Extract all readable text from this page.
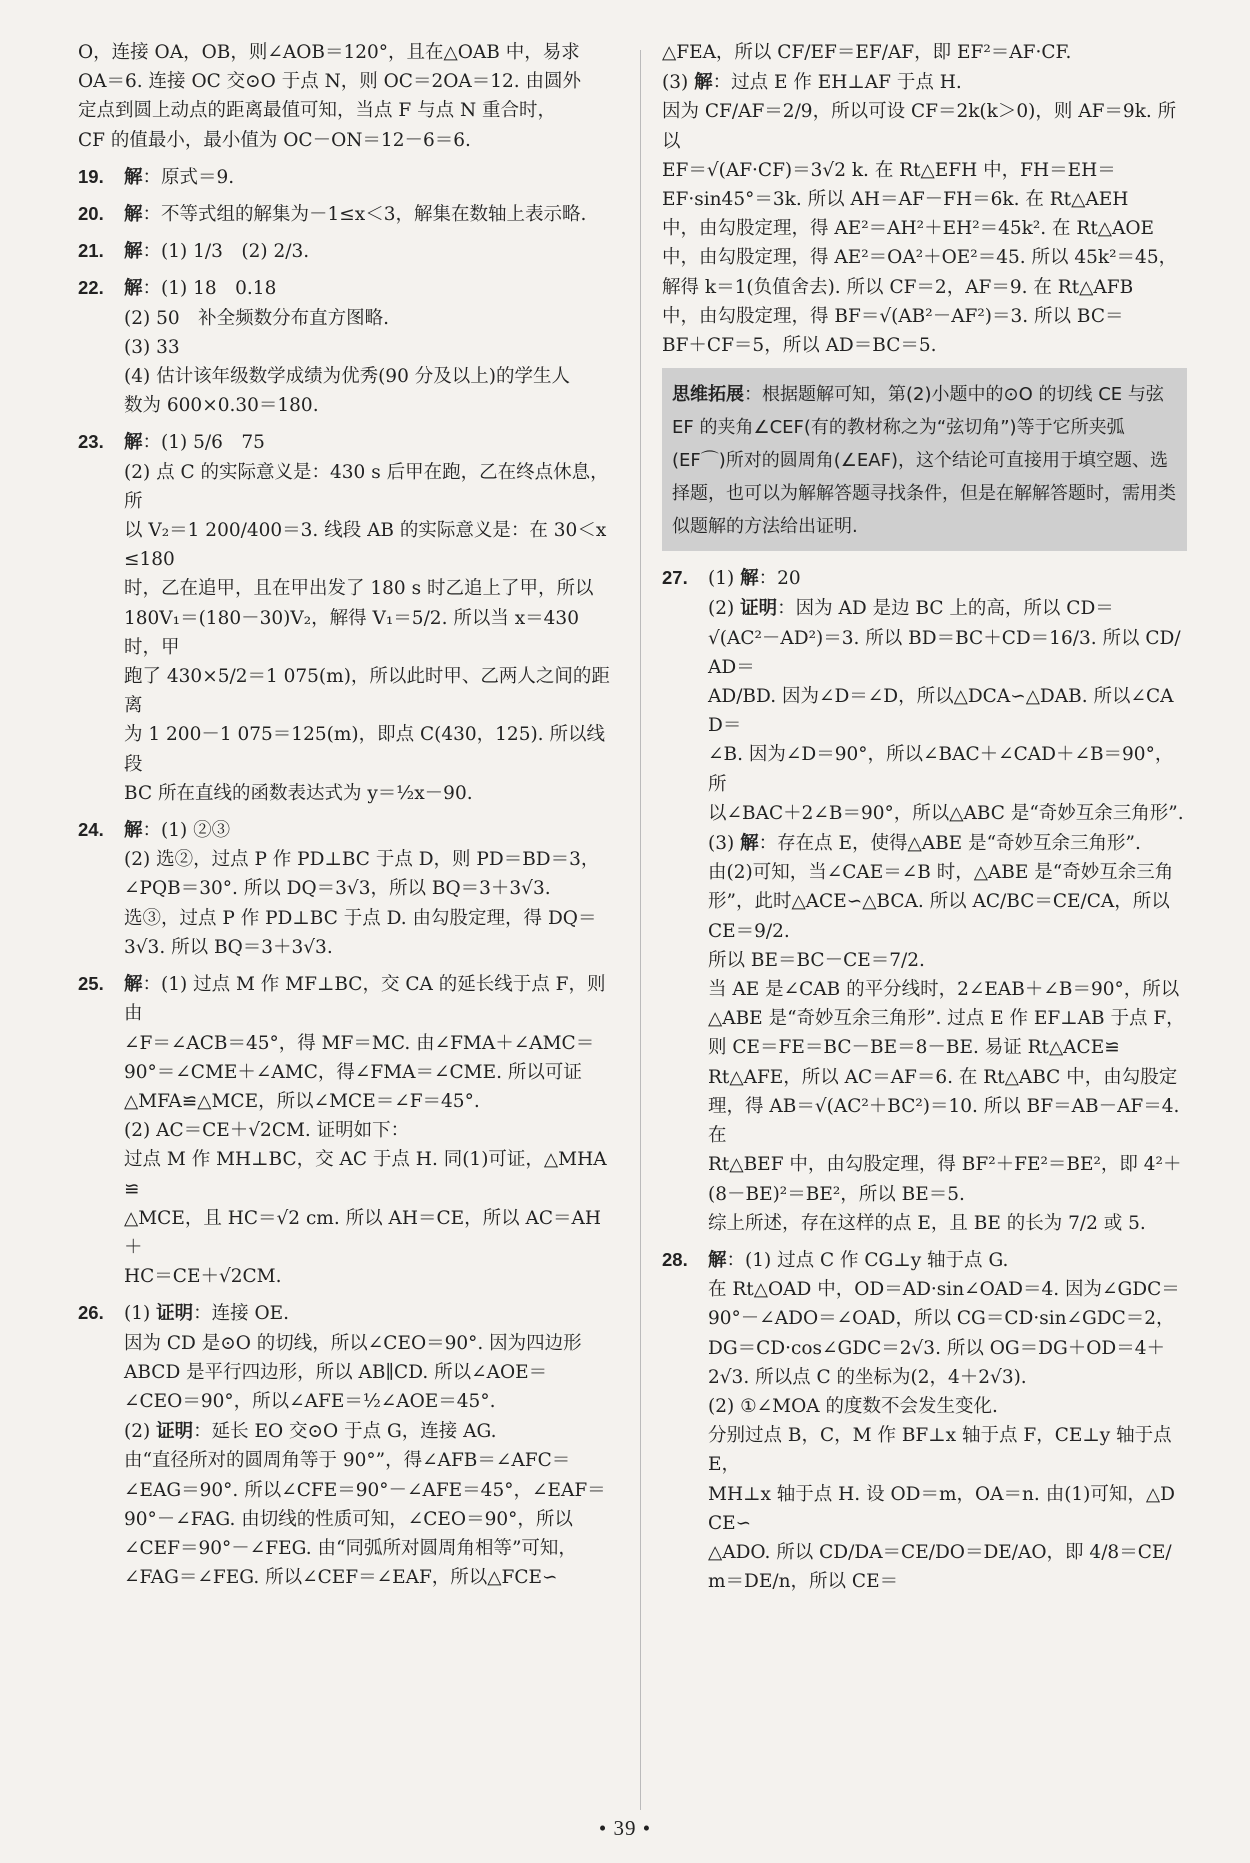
O，连接 OA，OB，则∠AOB＝120°，且在△OAB 中，易求

OA＝6. 连接 OC 交⊙O 于点 N，则 OC＝2OA＝12. 由圆外

定点到圆上动点的距离最值可知，当点 F 与点 N 重合时，

CF 的值最小，最小值为 OC－ON＝12－6＝6.

19. 解：原式＝9.

20. 解：不等式组的解集为－1≤x＜3，解集在数轴上表示略.

21. 解：(1) 1/3　(2) 2/3.

22. 解：(1) 18　0.18

(2) 50　补全频数分布直方图略.

(3) 33

(4) 估计该年级数学成绩为优秀(90 分及以上)的学生人

数为 600×0.30＝180.

23. 解：(1) 5/6　75

(2) 点 C 的实际意义是：430 s 后甲在跑，乙在终点休息，所

以 V₂＝1 200/400＝3. 线段 AB 的实际意义是：在 30＜x≤180

时，乙在追甲，且在甲出发了 180 s 时乙追上了甲，所以

180V₁＝(180－30)V₂，解得 V₁＝5/2. 所以当 x＝430 时，甲

跑了 430×5/2＝1 075(m)，所以此时甲、乙两人之间的距离

为 1 200－1 075＝125(m)，即点 C(430，125). 所以线段

BC 所在直线的函数表达式为 y＝½x－90.

24. 解：(1) ②③

(2) 选②，过点 P 作 PD⊥BC 于点 D，则 PD＝BD＝3，

∠PQB＝30°. 所以 DQ＝3√3，所以 BQ＝3＋3√3.

选③，过点 P 作 PD⊥BC 于点 D. 由勾股定理，得 DQ＝

3√3. 所以 BQ＝3＋3√3.

25. 解：(1) 过点 M 作 MF⊥BC，交 CA 的延长线于点 F，则由

∠F＝∠ACB＝45°，得 MF＝MC. 由∠FMA＋∠AMC＝

90°＝∠CME＋∠AMC，得∠FMA＝∠CME. 所以可证

△MFA≌△MCE，所以∠MCE＝∠F＝45°.

(2) AC＝CE＋√2CM. 证明如下：

过点 M 作 MH⊥BC，交 AC 于点 H. 同(1)可证，△MHA≌

△MCE，且 HC＝√2 cm. 所以 AH＝CE，所以 AC＝AH＋

HC＝CE＋√2CM.

26. (1) 证明：连接 OE.

因为 CD 是⊙O 的切线，所以∠CEO＝90°. 因为四边形

ABCD 是平行四边形，所以 AB∥CD. 所以∠AOE＝

∠CEO＝90°，所以∠AFE＝½∠AOE＝45°.

(2) 证明：延长 EO 交⊙O 于点 G，连接 AG.

由“直径所对的圆周角等于 90°”，得∠AFB＝∠AFC＝

∠EAG＝90°. 所以∠CFE＝90°－∠AFE＝45°，∠EAF＝

90°－∠FAG. 由切线的性质可知，∠CEO＝90°，所以

∠CEF＝90°－∠FEG. 由“同弧所对圆周角相等”可知，

∠FAG＝∠FEG. 所以∠CEF＝∠EAF，所以△FCE∽

△FEA，所以 CF/EF＝EF/AF，即 EF²＝AF·CF.

(3) 解：过点 E 作 EH⊥AF 于点 H.

因为 CF/AF＝2/9，所以可设 CF＝2k(k＞0)，则 AF＝9k. 所以

EF＝√(AF·CF)＝3√2 k. 在 Rt△EFH 中，FH＝EH＝

EF·sin45°＝3k. 所以 AH＝AF－FH＝6k. 在 Rt△AEH

中，由勾股定理，得 AE²＝AH²＋EH²＝45k². 在 Rt△AOE

中，由勾股定理，得 AE²＝OA²＋OE²＝45. 所以 45k²＝45，

解得 k＝1(负值舍去). 所以 CF＝2，AF＝9. 在 Rt△AFB

中，由勾股定理，得 BF＝√(AB²－AF²)＝3. 所以 BC＝

BF＋CF＝5，所以 AD＝BC＝5.

思维拓展：根据题解可知，第(2)小题中的⊙O 的切线 CE 与弦 EF 的夹角∠CEF(有的教材称之为“弦切角”)等于它所夹弧(EF⌒)所对的圆周角(∠EAF)，这个结论可直接用于填空题、选择题，也可以为解解答题寻找条件，但是在解解答题时，需用类似题解的方法给出证明.

27. (1) 解：20

(2) 证明：因为 AD 是边 BC 上的高，所以 CD＝

√(AC²－AD²)＝3. 所以 BD＝BC＋CD＝16/3. 所以 CD/AD＝

AD/BD. 因为∠D＝∠D，所以△DCA∽△DAB. 所以∠CAD＝

∠B. 因为∠D＝90°，所以∠BAC＋∠CAD＋∠B＝90°，所

以∠BAC＋2∠B＝90°，所以△ABC 是“奇妙互余三角形”.

(3) 解：存在点 E，使得△ABE 是“奇妙互余三角形”.

由(2)可知，当∠CAE＝∠B 时，△ABE 是“奇妙互余三角

形”，此时△ACE∽△BCA. 所以 AC/BC＝CE/CA，所以 CE＝9/2.

所以 BE＝BC－CE＝7/2.

当 AE 是∠CAB 的平分线时，2∠EAB＋∠B＝90°，所以

△ABE 是“奇妙互余三角形”. 过点 E 作 EF⊥AB 于点 F，

则 CE＝FE＝BC－BE＝8－BE. 易证 Rt△ACE≌

Rt△AFE，所以 AC＝AF＝6. 在 Rt△ABC 中，由勾股定

理，得 AB＝√(AC²＋BC²)＝10. 所以 BF＝AB－AF＝4. 在

Rt△BEF 中，由勾股定理，得 BF²＋FE²＝BE²，即 4²＋

(8－BE)²＝BE²，所以 BE＝5.

综上所述，存在这样的点 E，且 BE 的长为 7/2 或 5.

28. 解：(1) 过点 C 作 CG⊥y 轴于点 G.

在 Rt△OAD 中，OD＝AD·sin∠OAD＝4. 因为∠GDC＝

90°－∠ADO＝∠OAD，所以 CG＝CD·sin∠GDC＝2，

DG＝CD·cos∠GDC＝2√3. 所以 OG＝DG＋OD＝4＋

2√3. 所以点 C 的坐标为(2，4＋2√3).

(2) ①∠MOA 的度数不会发生变化.

分别过点 B，C，M 作 BF⊥x 轴于点 F，CE⊥y 轴于点 E，

MH⊥x 轴于点 H. 设 OD＝m，OA＝n. 由(1)可知，△DCE∽

△ADO. 所以 CD/DA＝CE/DO＝DE/AO，即 4/8＝CE/m＝DE/n，所以 CE＝

• 39 •
